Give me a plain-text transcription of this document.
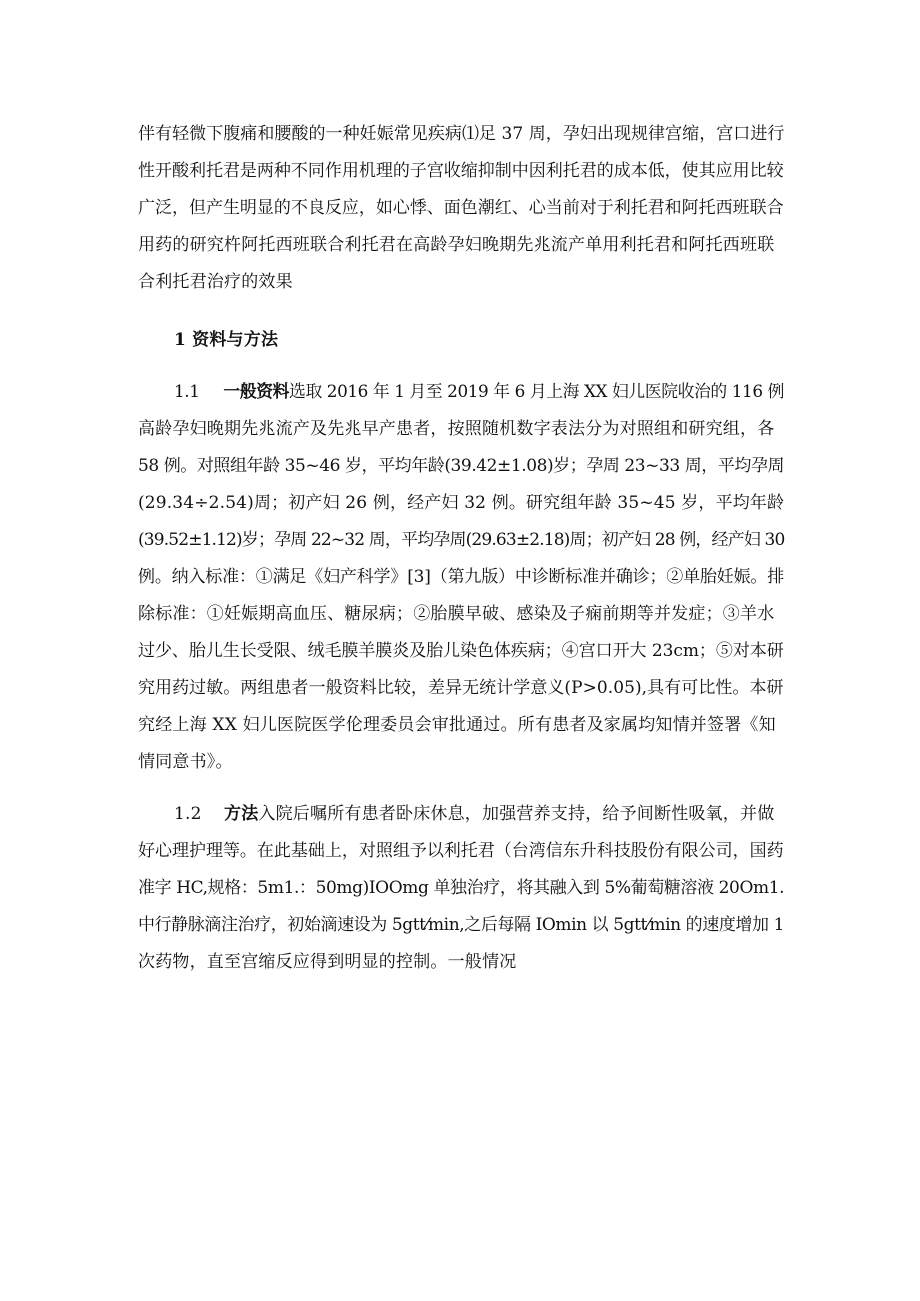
伴有轻微下腹痛和腰酸的一种妊娠常见疾病⑴足 37 周，孕妇出现规律宫缩，宫口进行
性开酸利托君是两种不同作用机理的子宫收缩抑制中因利托君的成本低，使其应用比较
广泛，但产生明显的不良反应，如心悸、面色潮红、心当前对于利托君和阿托西班联合
用药的研究杵阿托西班联合利托君在高龄孕妇晚期先兆流产单用利托君和阿托西班联
合利托君治疗的效果
1 资料与方法
1.1 一般资料选取 2016 年 1 月至 2019 年 6 月上海 XX 妇儿医院收治的 116 例
高龄孕妇晚期先兆流产及先兆早产患者，按照随机数字表法分为对照组和研究组，各
58 例。对照组年龄 35~46 岁，平均年龄(39.42±1.08)岁；孕周 23~33 周，平均孕周
(29.34÷2.54)周；初产妇 26 例，经产妇 32 例。研究组年龄 35~45 岁，平均年龄
(39.52±1.12)岁；孕周 22~32 周，平均孕周(29.63±2.18)周；初产妇 28 例，经产妇 30
例。纳入标准：①满足《妇产科学》[3]（第九版）中诊断标准并确诊；②单胎妊娠。排
除标准：①妊娠期高血压、糖尿病；②胎膜早破、感染及子痫前期等并发症；③羊水
过少、胎儿生长受限、绒毛膜羊膜炎及胎儿染色体疾病；④宫口开大 23cm；⑤对本研
究用药过敏。两组患者一般资料比较，差异无统计学意义(P>0.05),具有可比性。本研
究经上海 XX 妇儿医院医学伦理委员会审批通过。所有患者及家属均知情并签署《知
情同意书》。
1.2 方法入院后嘱所有患者卧床休息，加强营养支持，给予间断性吸氧，并做
好心理护理等。在此基础上，对照组予以利托君（台湾信东升科技股份有限公司，国药
准字 HC,规格：5m1.：50mg)IOOmg 单独治疗，将其融入到 5%葡萄糖溶液 20Om1.
中行静脉滴注治疗，初始滴速设为 5gtt⁄min,之后每隔 IOmin 以 5gtt⁄min 的速度增加 1
次药物，直至宫缩反应得到明显的控制。一般情况
